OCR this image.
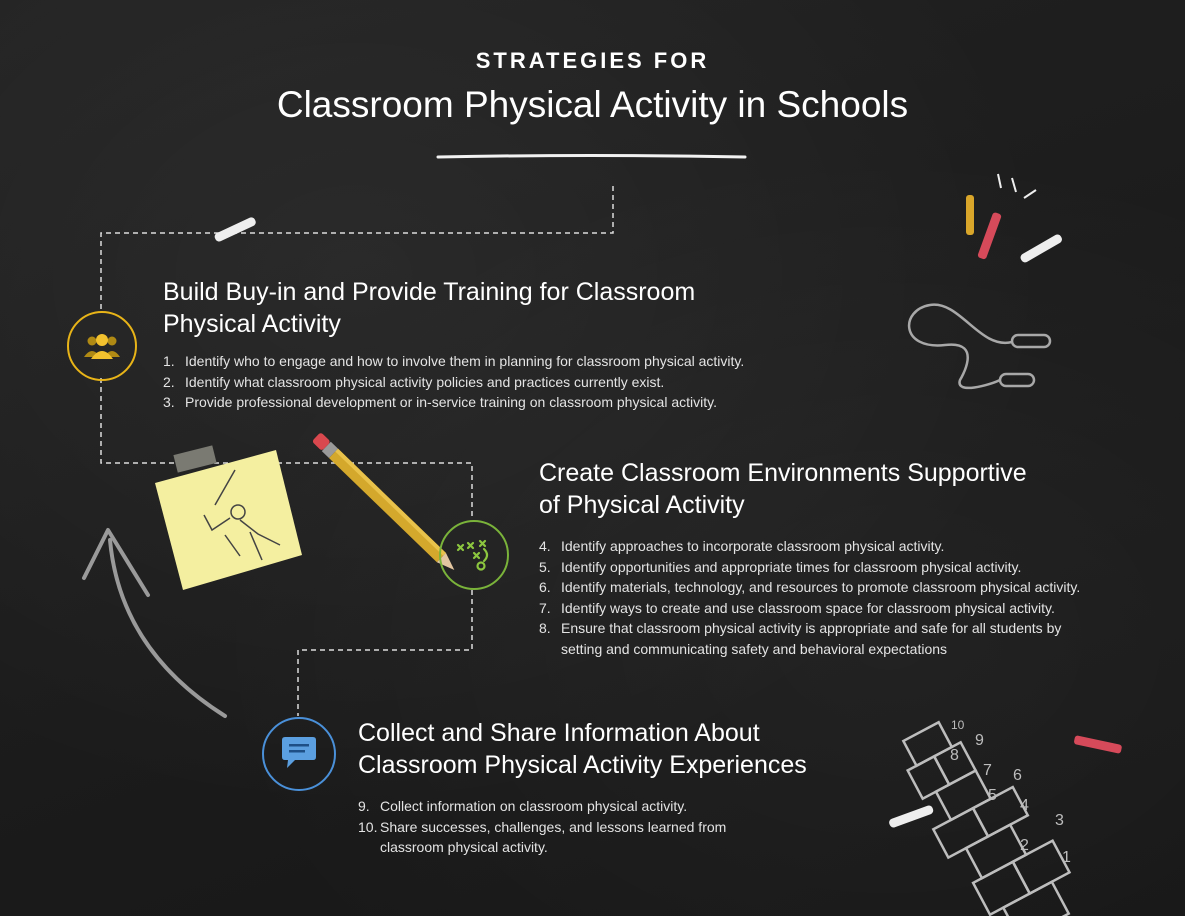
10
8
9
7 6
5
4
3
2
1
STRATEGIES FOR
Classroom Physical Activity in Schools
Build Buy-in and Provide Training for Classroom
Physical Activity
1. Identify who to engage and how to involve them in planning for classroom physical activity.
2. Identify what classroom physical activity policies and practices currently exist.
3. Provide professional development or in-service training on classroom physical activity.
Create Classroom Environments Supportive
of Physical Activity
4. Identify approaches to incorporate classroom physical activity.
5. Identify opportunities and appropriate times for classroom physical activity.
6. Identify materials, technology, and resources to promote classroom physical activity.
7. Identify ways to create and use classroom space for classroom physical activity.
8. Ensure that classroom physical activity is appropriate and safe for all students by
setting and communicating safety and behavioral expectations
Collect and Share Information About
Classroom Physical Activity Experiences
9. Collect information on classroom physical activity.
10. Share successes, challenges, and lessons learned from
classroom physical activity.
